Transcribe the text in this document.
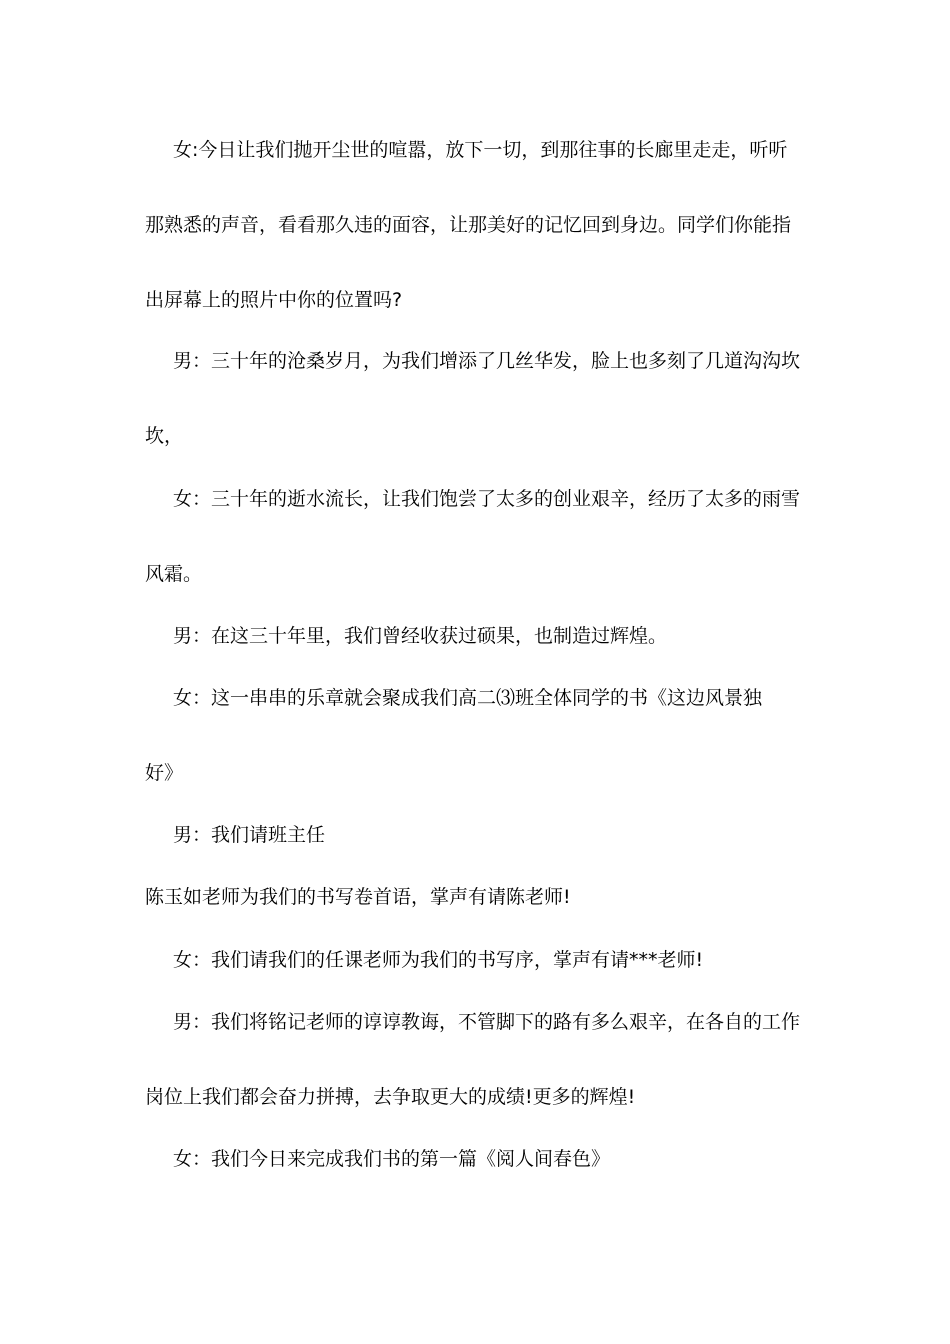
女:今日让我们抛开尘世的喧嚣，放下一切，到那往事的长廊里走走，听听

那熟悉的声音，看看那久违的面容，让那美好的记忆回到身边。同学们你能指

出屏幕上的照片中你的位置吗?

男：三十年的沧桑岁月，为我们增添了几丝华发，脸上也多刻了几道沟沟坎

坎，

女：三十年的逝水流长，让我们饱尝了太多的创业艰辛，经历了太多的雨雪

风霜。

男：在这三十年里，我们曾经收获过硕果，也制造过辉煌。

女：这一串串的乐章就会聚成我们高二⑶班全体同学的书《这边风景独

好》

男：我们请班主任

陈玉如老师为我们的书写卷首语，掌声有请陈老师!

女：我们请我们的任课老师为我们的书写序，掌声有请***老师!

男：我们将铭记老师的谆谆教诲，不管脚下的路有多么艰辛，在各自的工作

岗位上我们都会奋力拼搏，去争取更大的成绩!更多的辉煌!

女：我们今日来完成我们书的第一篇《阅人间春色》
